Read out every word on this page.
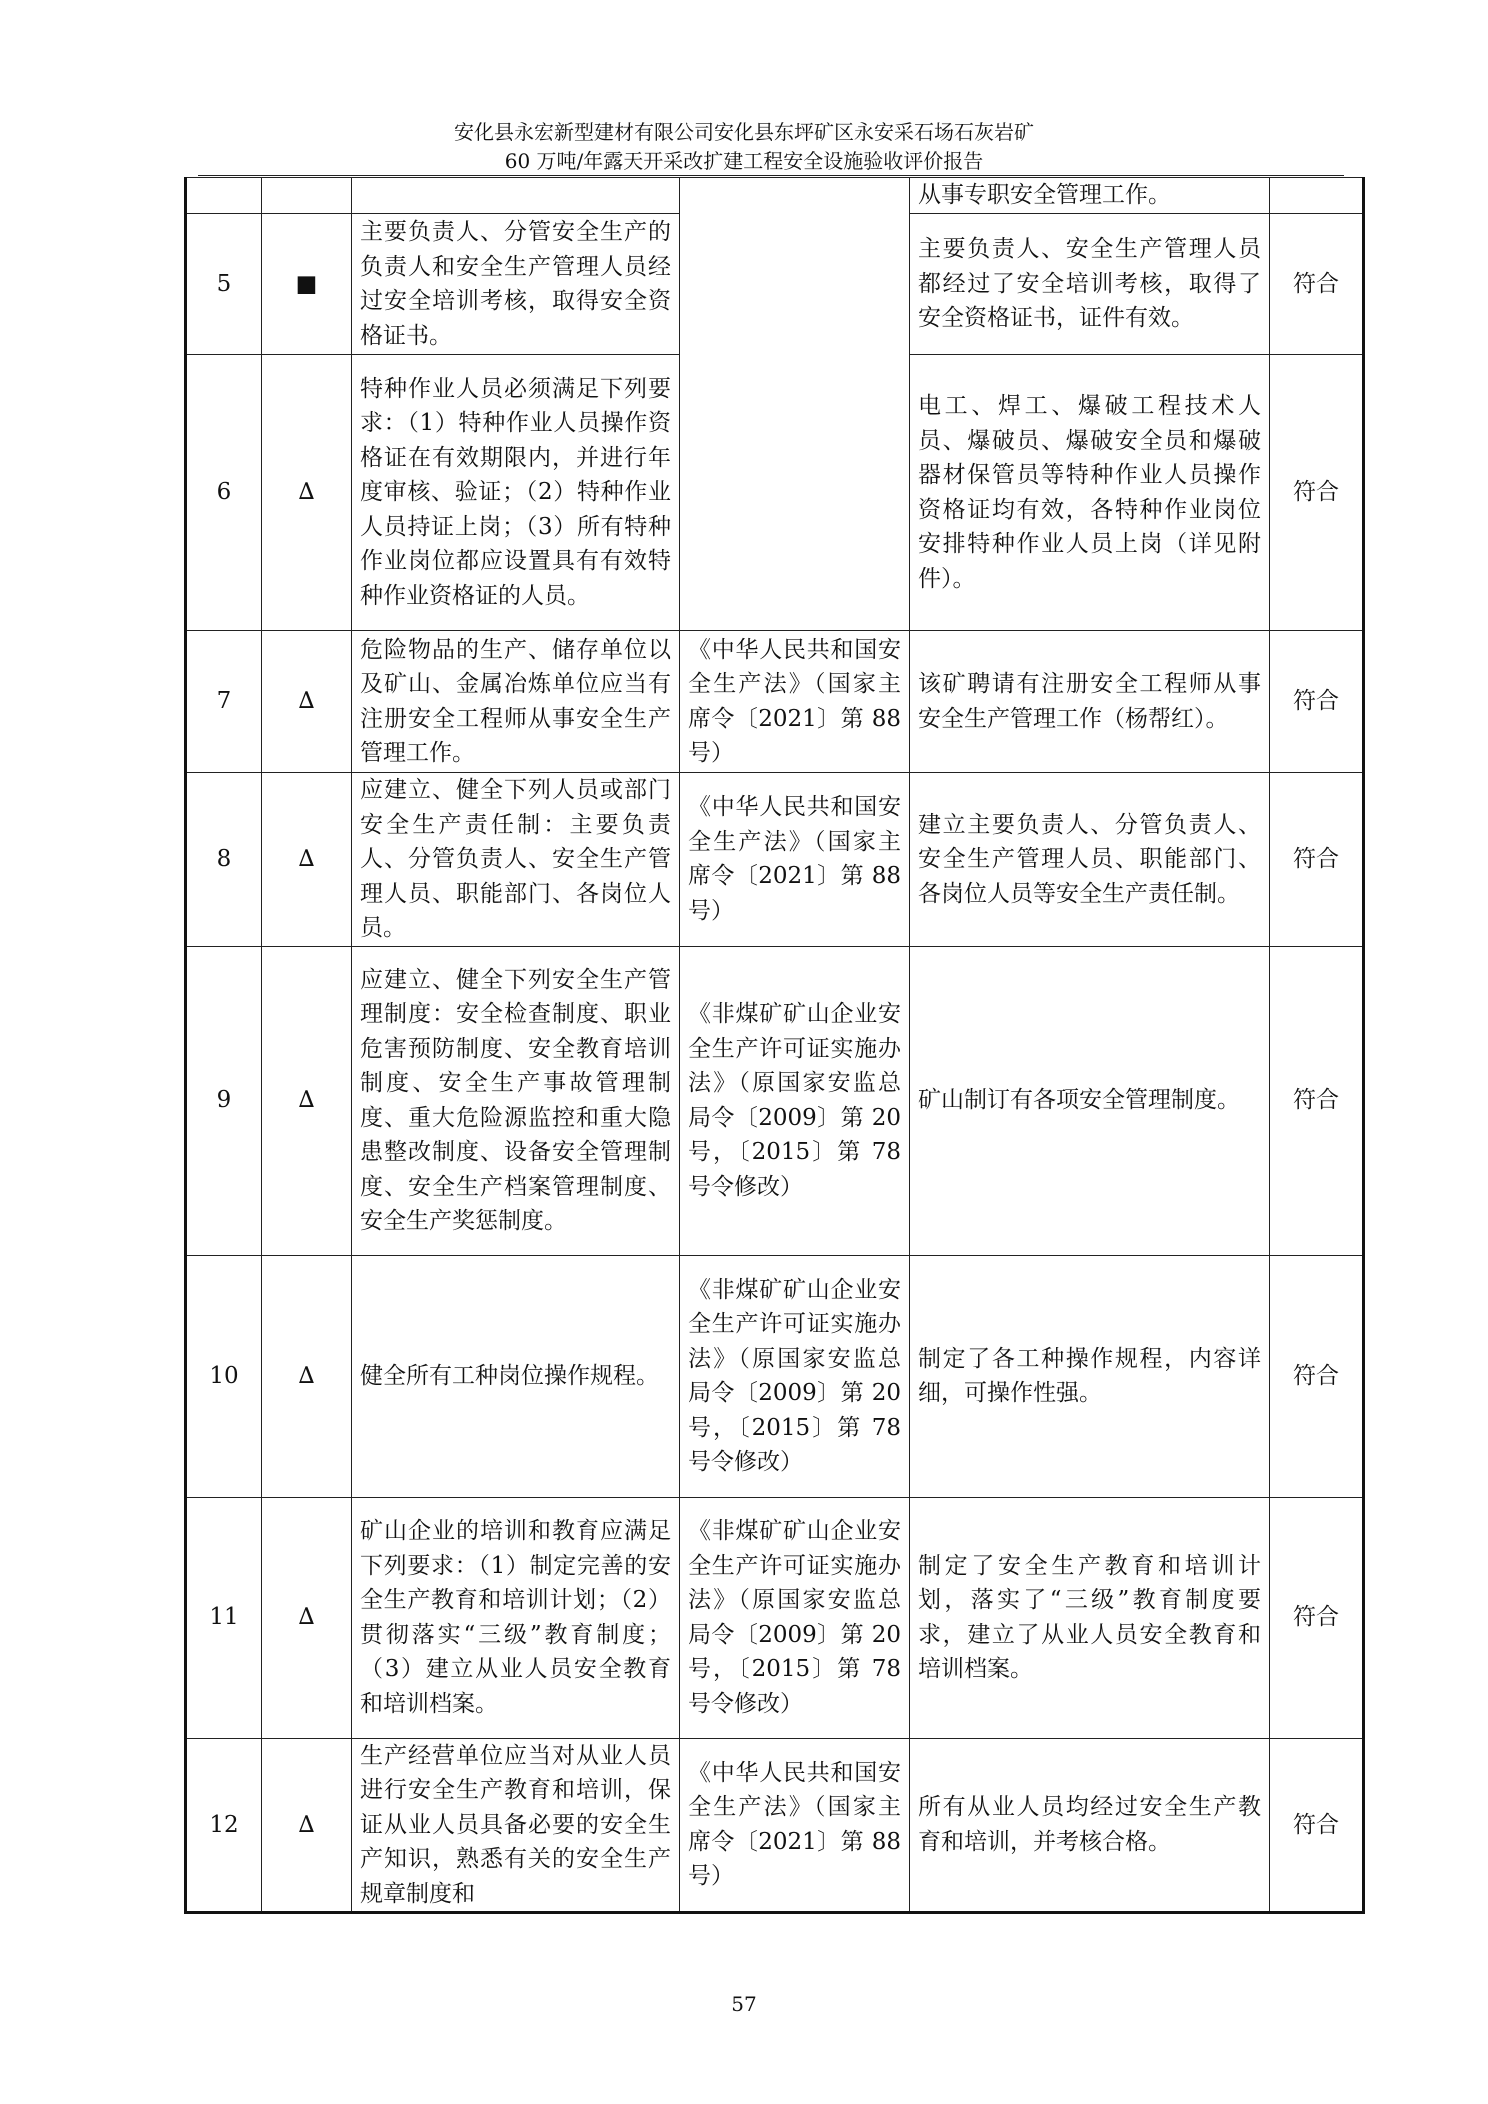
安化县永宏新型建材有限公司安化县东坪矿区永安采石场石灰岩矿
60 万吨/年露天开采改扩建工程安全设施验收评价报告
				从事专职安全管理工作。	
5	■	主要负责人、分管安全生产的负责人和安全生产管理人员经过安全培训考核，取得安全资格证书。		主要负责人、安全生产管理人员都经过了安全培训考核，取得了安全资格证书，证件有效。	符合
6	∆	特种作业人员必须满足下列要求：（1）特种作业人员操作资格证在有效期限内，并进行年度审核、验证；（2）特种作业人员持证上岗；（3）所有特种作业岗位都应设置具有有效特种作业资格证的人员。		电工、焊工、爆破工程技术人员、爆破员、爆破安全员和爆破器材保管员等特种作业人员操作资格证均有效，各特种作业岗位安排特种作业人员上岗（详见附件）。	符合
7	∆	危险物品的生产、储存单位以及矿山、金属冶炼单位应当有注册安全工程师从事安全生产管理工作。	《中华人民共和国安全生产法》（国家主席令〔2021〕第 88 号）	该矿聘请有注册安全工程师从事安全生产管理工作（杨帮红）。	符合
8	∆	应建立、健全下列人员或部门安全生产责任制：主要负责人、分管负责人、安全生产管理人员、职能部门、各岗位人员。	《中华人民共和国安全生产法》（国家主席令〔2021〕第 88 号）	建立主要负责人、分管负责人、安全生产管理人员、职能部门、各岗位人员等安全生产责任制。	符合
9	∆	应建立、健全下列安全生产管理制度：安全检查制度、职业危害预防制度、安全教育培训制度、安全生产事故管理制度、重大危险源监控和重大隐患整改制度、设备安全管理制度、安全生产档案管理制度、安全生产奖惩制度。	《非煤矿矿山企业安全生产许可证实施办法》（原国家安监总局令〔2009〕第 20 号，〔2015〕第 78 号令修改）	矿山制订有各项安全管理制度。	符合
10	∆	健全所有工种岗位操作规程。	《非煤矿矿山企业安全生产许可证实施办法》（原国家安监总局令〔2009〕第 20 号，〔2015〕第 78 号令修改）	制定了各工种操作规程，内容详细，可操作性强。	符合
11	∆	矿山企业的培训和教育应满足下列要求：（1）制定完善的安全生产教育和培训计划；（2）贯彻落实“三级”教育制度；（3）建立从业人员安全教育和培训档案。	《非煤矿矿山企业安全生产许可证实施办法》（原国家安监总局令〔2009〕第 20 号，〔2015〕第 78 号令修改）	制定了安全生产教育和培训计划，落实了“三级”教育制度要求，建立了从业人员安全教育和培训档案。	符合
12	∆	生产经营单位应当对从业人员进行安全生产教育和培训，保证从业人员具备必要的安全生产知识，熟悉有关的安全生产规章制度和	《中华人民共和国安全生产法》（国家主席令〔2021〕第 88 号）	所有从业人员均经过安全生产教育和培训，并考核合格。	符合
57
